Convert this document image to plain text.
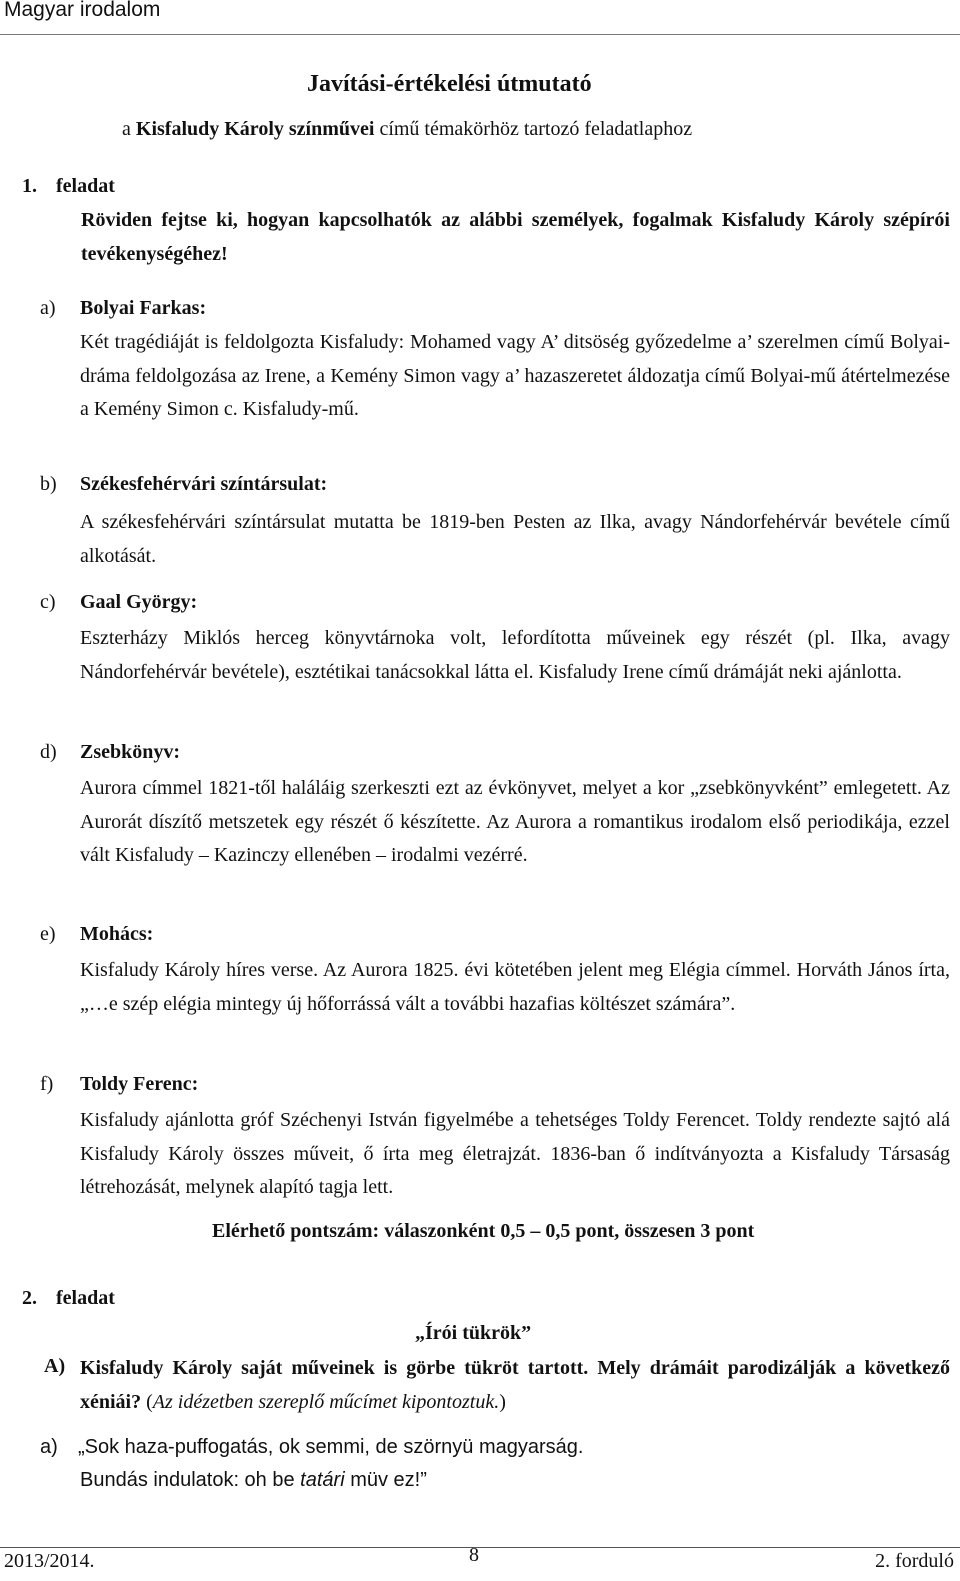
Magyar irodalom
Javítási-értékelési útmutató
a Kisfaludy Károly színművei című témakörhöz tartozó feladatlaphoz
1. feladat
Röviden fejtse ki, hogyan kapcsolhatók az alábbi személyek, fogalmak Kisfaludy Károly szépírói tevékenységéhez!
a) Bolyai Farkas:
Két tragédiáját is feldolgozta Kisfaludy: Mohamed vagy A’ ditsöség győzedelme a’ szerelmen című Bolyai-dráma feldolgozása az Irene, a Kemény Simon vagy a’ hazaszeretet áldozatja című Bolyai-mű átértelmezése a Kemény Simon c. Kisfaludy-mű.
b) Székesfehérvári színtársulat:
A székesfehérvári színtársulat mutatta be 1819-ben Pesten az Ilka, avagy Nándorfehérvár bevétele című alkotását.
c) Gaal György:
Eszterházy Miklós herceg könyvtárnoka volt, lefordította műveinek egy részét (pl. Ilka, avagy Nándorfehérvár bevétele), esztétikai tanácsokkal látta el. Kisfaludy Irene című drámáját neki ajánlotta.
d) Zsebkönyv:
Aurora címmel 1821-től haláláig szerkeszti ezt az évkönyvet, melyet a kor „zsebkönyvként” emlegetett. Az Aurorát díszítő metszetek egy részét ő készítette. Az Aurora a romantikus irodalom első periodikája, ezzel vált Kisfaludy – Kazinczy ellenében – irodalmi vezérré.
e) Mohács:
Kisfaludy Károly híres verse. Az Aurora 1825. évi kötetében jelent meg Elégia címmel. Horváth János írta, „…e szép elégia mintegy új hőforrássá vált a további hazafias költészet számára”.
f) Toldy Ferenc:
Kisfaludy ajánlotta gróf Széchenyi István figyelmébe a tehetséges Toldy Ferencet. Toldy rendezte sajtó alá Kisfaludy Károly összes műveit, ő írta meg életrajzát. 1836-ban ő indítványozta a Kisfaludy Társaság létrehozását, melynek alapító tagja lett.
Elérhető pontszám: válaszonként 0,5 – 0,5 pont, összesen 3 pont
2. feladat
„Írói tükrök”
A) Kisfaludy Károly saját műveinek is görbe tükröt tartott. Mely drámáit parodizálják a következő xéniái? (Az idézetben szereplő műcímet kipontoztuk.)
a) „Sok haza-puffogatás, ok semmi, de szörnyü magyarság.
Bundás indulatok: oh be tatári müv ez!”
2013/2014.	8	2. forduló
